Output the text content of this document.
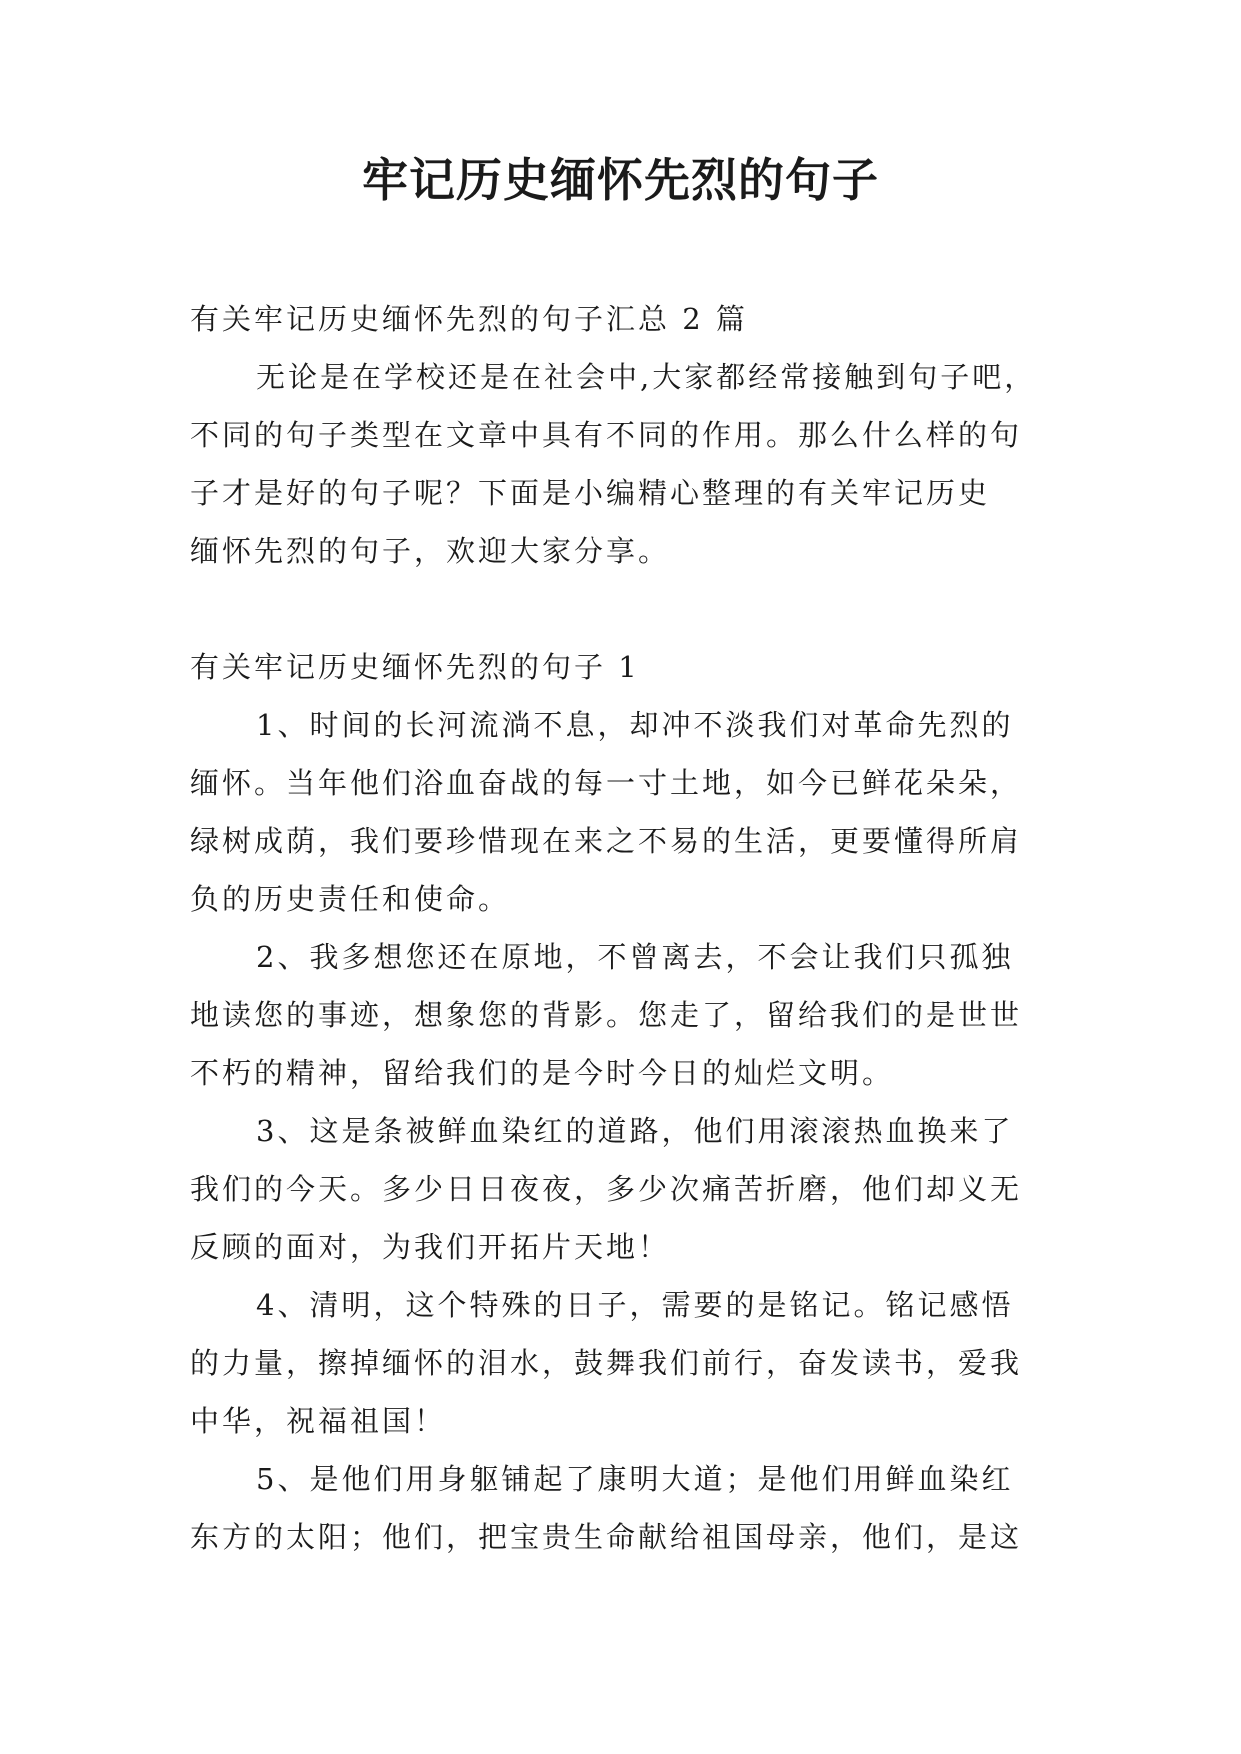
牢记历史缅怀先烈的句子

有关牢记历史缅怀先烈的句子汇总 2 篇

无论是在学校还是在社会中,大家都经常接触到句子吧，

不同的句子类型在文章中具有不同的作用。那么什么样的句

子才是好的句子呢？下面是小编精心整理的有关牢记历史

缅怀先烈的句子，欢迎大家分享。

有关牢记历史缅怀先烈的句子 1

1、时间的长河流淌不息，却冲不淡我们对革命先烈的

缅怀。当年他们浴血奋战的每一寸土地，如今已鲜花朵朵，

绿树成荫，我们要珍惜现在来之不易的生活，更要懂得所肩

负的历史责任和使命。

2、我多想您还在原地，不曾离去，不会让我们只孤独

地读您的事迹，想象您的背影。您走了，留给我们的是世世

不朽的精神，留给我们的是今时今日的灿烂文明。

3、这是条被鲜血染红的道路，他们用滚滚热血换来了

我们的今天。多少日日夜夜，多少次痛苦折磨，他们却义无

反顾的面对，为我们开拓片天地！

4、清明，这个特殊的日子，需要的是铭记。铭记感悟

的力量，擦掉缅怀的泪水，鼓舞我们前行，奋发读书，爱我

中华，祝福祖国！

5、是他们用身躯铺起了康明大道；是他们用鲜血染红

东方的太阳；他们，把宝贵生命献给祖国母亲，他们，是这
